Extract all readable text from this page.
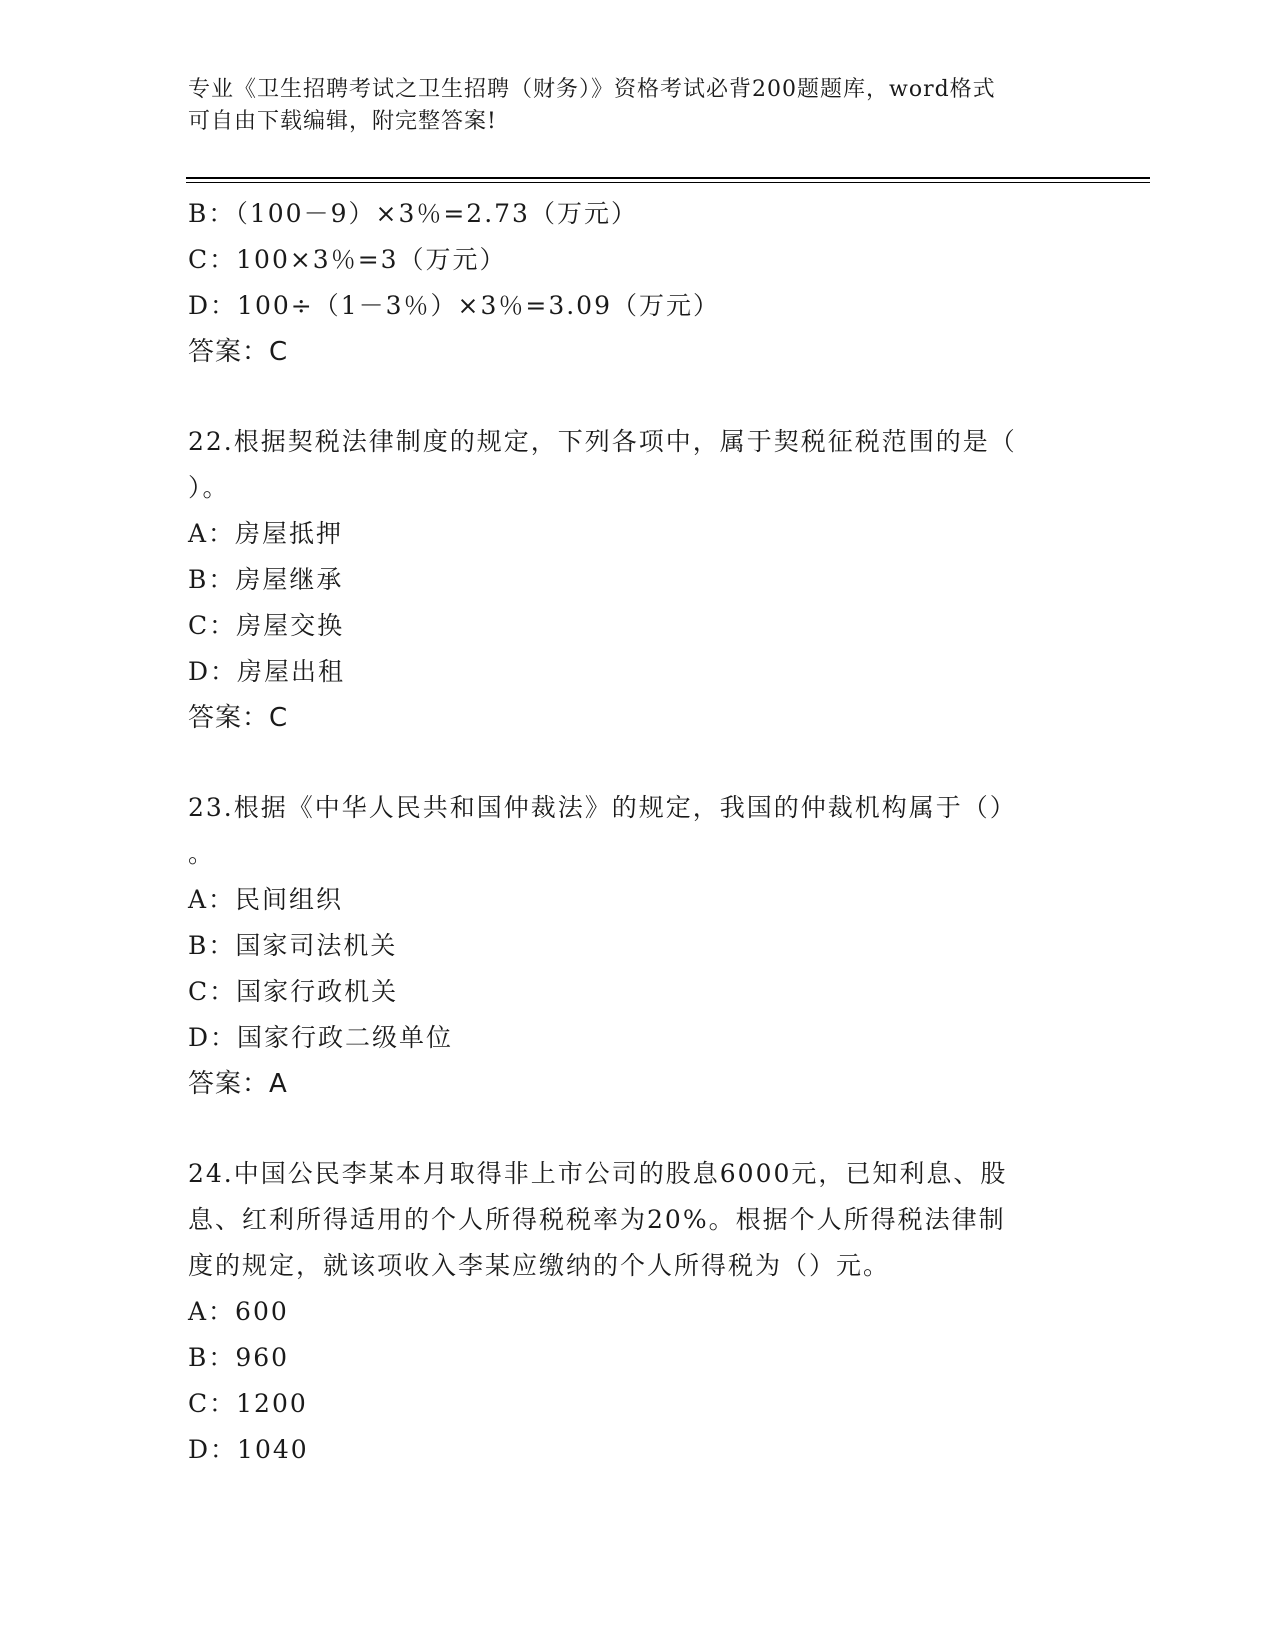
专业《卫生招聘考试之卫生招聘（财务）》资格考试必背200题题库，word格式
可自由下载编辑，附完整答案!
B：（100－9）×3％=2.73（万元）
C：100×3％=3（万元）
D：100÷（1－3％）×3％=3.09（万元）
答案：C
22.根据契税法律制度的规定，下列各项中，属于契税征税范围的是（
）。
A：房屋抵押
B：房屋继承
C：房屋交换
D：房屋出租
答案：C
23.根据《中华人民共和国仲裁法》的规定，我国的仲裁机构属于（）
。
A：民间组织
B：国家司法机关
C：国家行政机关
D：国家行政二级单位
答案：A
24.中国公民李某本月取得非上市公司的股息6000元，已知利息、股
息、红利所得适用的个人所得税税率为20%。根据个人所得税法律制
度的规定，就该项收入李某应缴纳的个人所得税为（）元。
A：600
B：960
C：1200
D：1040
